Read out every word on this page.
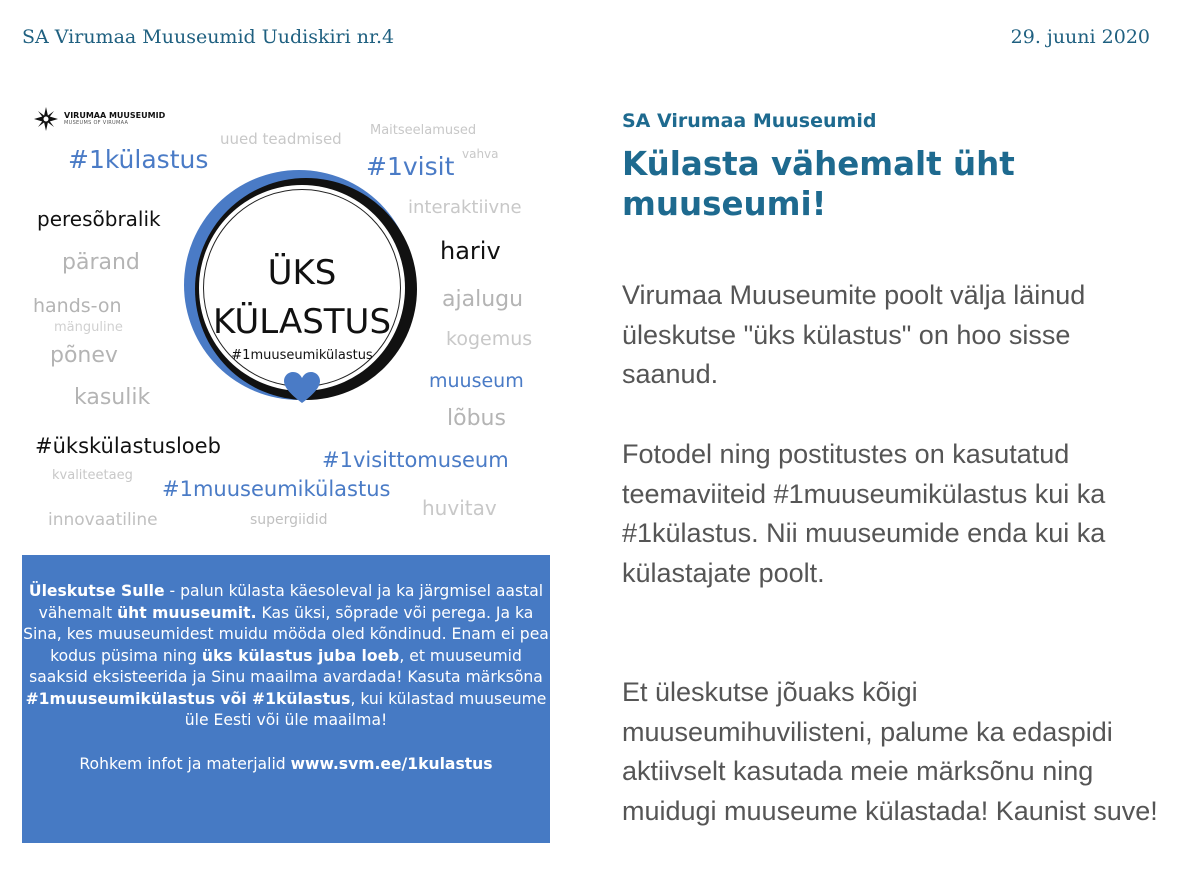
SA Virumaa Muuseumid Uudiskiri nr.4	29. juuni 2020
VIRUMAA MUUSEUMID
MUSEUMS OF VIRUMAA
uued teadmised Maitseelamused
#1külastus	vahva
#1visit
interaktiivne
peresõbralik
hariv
pärand
ajalugu
hands-on
mänguline
kogemus
põnev
muuseum
kasulik
lõbus
#ükskülastusloeb
#1visittomuseum
kvaliteetaeg
#1muuseumikülastus
innovaatiline	supergiidid	huvitav
ÜKS
KÜLASTUS
#1muuseumikülastus

Üleskutse Sulle - palun külasta käesoleval ja ka järgmisel aastal vähemalt üht muuseumit. Kas üksi, sõprade või perega. Ja ka Sina, kes muuseumidest muidu mööda oled kõndinud. Enam ei pea kodus püsima ning üks külastus juba loeb, et muuseumid saaksid eksisteerida ja Sinu maailma avardada! Kasuta märksõna #1muuseumikülastus või #1külastus, kui külastad muuseume üle Eesti või üle maailma!

Rohkem infot ja materjalid www.svm.ee/1kulastus

SA Virumaa Muuseumid
Külasta vähemalt üht muuseumi!
Virumaa Muuseumite poolt välja läinud üleskutse "üks külastus" on hoo sisse saanud.
Fotodel ning postitustes on kasutatud teemaviiteid #1muuseumikülastus kui ka #1külastus. Nii muuseumide enda kui ka külastajate poolt.
Et üleskutse jõuaks kõigi muuseumihuvilisteni, palume ka edaspidi aktiivselt kasutada meie märksõnu ning muidugi muuseume külastada! Kaunist suve!
